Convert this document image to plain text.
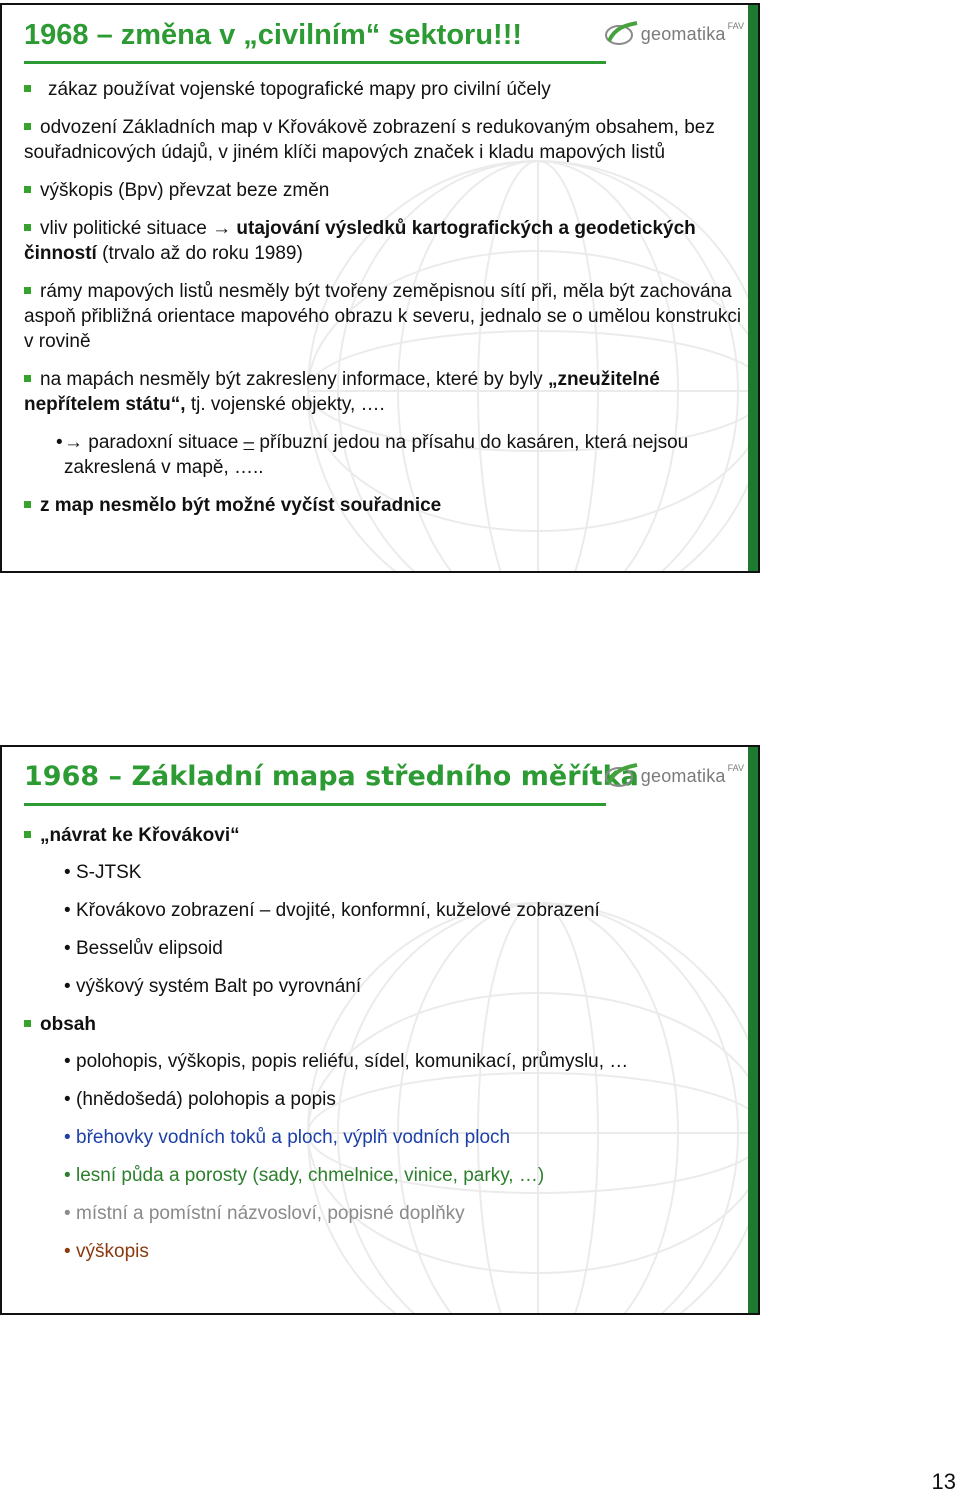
1968 – změna v „civilním“ sektoru!!!	geomatika FAV
zákaz používat vojenské topografické mapy pro civilní účely
odvození Základních map v Křovákově zobrazení s redukovaným obsahem, bez souřadnicových údajů, v jiném klíči mapových značek i kladu mapových listů
výškopis (Bpv) převzat beze změn
vliv politické situace → utajování výsledků kartografických a geodetických činností (trvalo až do roku 1989)
rámy mapových listů nesměly být tvořeny zeměpisnou sítí při, měla být zachována aspoň přibližná orientace mapového obrazu k severu, jednalo se o umělou konstrukci v rovině
na mapách nesměly být zakresleny informace, které by byly „zneužitelné nepřítelem státu“, tj. vojenské objekty, ….
• → paradoxní situace – příbuzní jedou na přísahu do kasáren, která nejsou zakreslená v mapě, …..
z map nesmělo být možné vyčíst souřadnice
1968 – Základní mapa středního měřítka geomatika FAV
„návrat ke Křovákovi“
• S-JTSK
• Křovákovo zobrazení – dvojité, konformní, kuželové zobrazení
• Besselův elipsoid
• výškový systém Balt po vyrovnání
obsah
• polohopis, výškopis, popis reliéfu, sídel, komunikací, průmyslu, …
• (hnědošedá) polohopis a popis
• břehovky vodních toků a ploch, výplň vodních ploch
• lesní půda a porosty (sady, chmelnice, vinice, parky, …)
• místní a pomístní názvosloví, popisné doplňky
• výškopis
13
